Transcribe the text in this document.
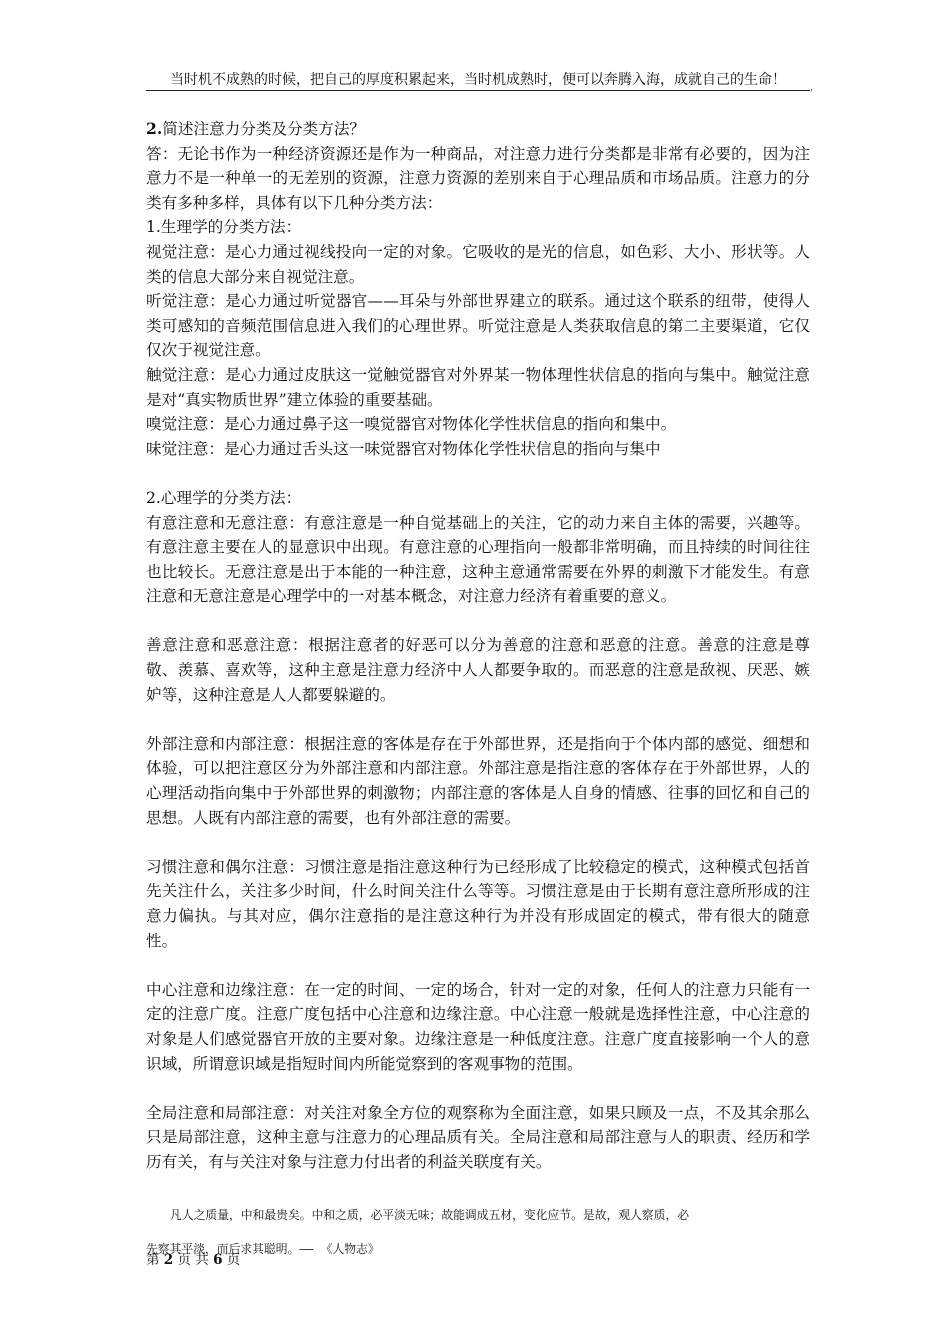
当时机不成熟的时候，把自己的厚度积累起来，当时机成熟时，便可以奔腾入海，成就自己的生命！	，

2.简述注意力分类及分类方法？

答：无论书作为一种经济资源还是作为一种商品，对注意力进行分类都是非常有必要的，因为注意力不是一种单一的无差别的资源，注意力资源的差别来自于心理品质和市场品质。注意力的分类有多种多样，具体有以下几种分类方法：

1.生理学的分类方法：

视觉注意：是心力通过视线投向一定的对象。它吸收的是光的信息，如色彩、大小、形状等。人类的信息大部分来自视觉注意。

听觉注意：是心力通过听觉器官——耳朵与外部世界建立的联系。通过这个联系的纽带，使得人类可感知的音频范围信息进入我们的心理世界。听觉注意是人类获取信息的第二主要渠道，它仅仅次于视觉注意。

触觉注意：是心力通过皮肤这一觉触觉器官对外界某一物体理性状信息的指向与集中。触觉注意是对“真实物质世界”建立体验的重要基础。

嗅觉注意：是心力通过鼻子这一嗅觉器官对物体化学性状信息的指向和集中。

味觉注意：是心力通过舌头这一味觉器官对物体化学性状信息的指向与集中

2.心理学的分类方法：

有意注意和无意注意：有意注意是一种自觉基础上的关注，它的动力来自主体的需要，兴趣等。有意注意主要在人的显意识中出现。有意注意的心理指向一般都非常明确，而且持续的时间往往也比较长。无意注意是出于本能的一种注意，这种主意通常需要在外界的刺激下才能发生。有意注意和无意注意是心理学中的一对基本概念，对注意力经济有着重要的意义。

善意注意和恶意注意：根据注意者的好恶可以分为善意的注意和恶意的注意。善意的注意是尊敬、羡慕、喜欢等，这种主意是注意力经济中人人都要争取的。而恶意的注意是敌视、厌恶、嫉妒等，这种注意是人人都要躲避的。

外部注意和内部注意：根据注意的客体是存在于外部世界，还是指向于个体内部的感觉、细想和体验，可以把注意区分为外部注意和内部注意。外部注意是指注意的客体存在于外部世界，人的心理活动指向集中于外部世界的刺激物；内部注意的客体是人自身的情感、往事的回忆和自己的思想。人既有内部注意的需要，也有外部注意的需要。

习惯注意和偶尔注意：习惯注意是指注意这种行为已经形成了比较稳定的模式，这种模式包括首先关注什么，关注多少时间，什么时间关注什么等等。习惯注意是由于长期有意注意所形成的注意力偏执。与其对应，偶尔注意指的是注意这种行为并没有形成固定的模式，带有很大的随意性。

中心注意和边缘注意：在一定的时间、一定的场合，针对一定的对象，任何人的注意力只能有一定的注意广度。注意广度包括中心注意和边缘注意。中心注意一般就是选择性注意，中心注意的对象是人们感觉器官开放的主要对象。边缘注意是一种低度注意。注意广度直接影响一个人的意识域，所谓意识域是指短时间内所能觉察到的客观事物的范围。

全局注意和局部注意：对关注对象全方位的观察称为全面注意，如果只顾及一点，不及其余那么只是局部注意，这种主意与注意力的心理品质有关。全局注意和局部注意与人的职责、经历和学历有关，有与关注对象与注意力付出者的利益关联度有关。

凡人之质量，中和最贵矣。中和之质，必平淡无味；故能调成五材，变化应节。是故，观人察质，必
先察其平淡，而后求其聪明。—— 《人物志》
第 2 页 共 6 页
